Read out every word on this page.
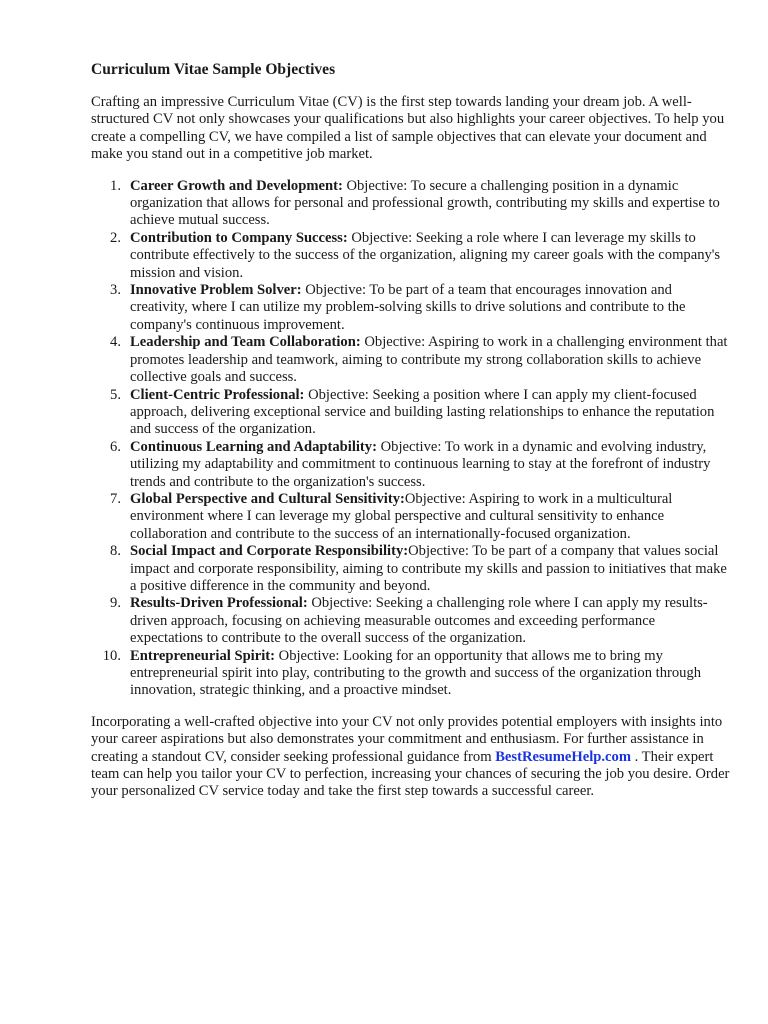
Curriculum Vitae Sample Objectives

Crafting an impressive Curriculum Vitae (CV) is the first step towards landing your dream job. A well-structured CV not only showcases your qualifications but also highlights your career objectives. To help you create a compelling CV, we have compiled a list of sample objectives that can elevate your document and make you stand out in a competitive job market.

1. Career Growth and Development: Objective: To secure a challenging position in a dynamic organization that allows for personal and professional growth, contributing my skills and expertise to achieve mutual success.
2. Contribution to Company Success: Objective: Seeking a role where I can leverage my skills to contribute effectively to the success of the organization, aligning my career goals with the company's mission and vision.
3. Innovative Problem Solver: Objective: To be part of a team that encourages innovation and creativity, where I can utilize my problem-solving skills to drive solutions and contribute to the company's continuous improvement.
4. Leadership and Team Collaboration: Objective: Aspiring to work in a challenging environment that promotes leadership and teamwork, aiming to contribute my strong collaboration skills to achieve collective goals and success.
5. Client-Centric Professional: Objective: Seeking a position where I can apply my client-focused approach, delivering exceptional service and building lasting relationships to enhance the reputation and success of the organization.
6. Continuous Learning and Adaptability: Objective: To work in a dynamic and evolving industry, utilizing my adaptability and commitment to continuous learning to stay at the forefront of industry trends and contribute to the organization's success.
7. Global Perspective and Cultural Sensitivity:Objective: Aspiring to work in a multicultural environment where I can leverage my global perspective and cultural sensitivity to enhance collaboration and contribute to the success of an internationally-focused organization.
8. Social Impact and Corporate Responsibility:Objective: To be part of a company that values social impact and corporate responsibility, aiming to contribute my skills and passion to initiatives that make a positive difference in the community and beyond.
9. Results-Driven Professional: Objective: Seeking a challenging role where I can apply my results-driven approach, focusing on achieving measurable outcomes and exceeding performance expectations to contribute to the overall success of the organization.
10. Entrepreneurial Spirit: Objective: Looking for an opportunity that allows me to bring my entrepreneurial spirit into play, contributing to the growth and success of the organization through innovation, strategic thinking, and a proactive mindset.

Incorporating a well-crafted objective into your CV not only provides potential employers with insights into your career aspirations but also demonstrates your commitment and enthusiasm. For further assistance in creating a standout CV, consider seeking professional guidance from BestResumeHelp.com . Their expert team can help you tailor your CV to perfection, increasing your chances of securing the job you desire. Order your personalized CV service today and take the first step towards a successful career.
